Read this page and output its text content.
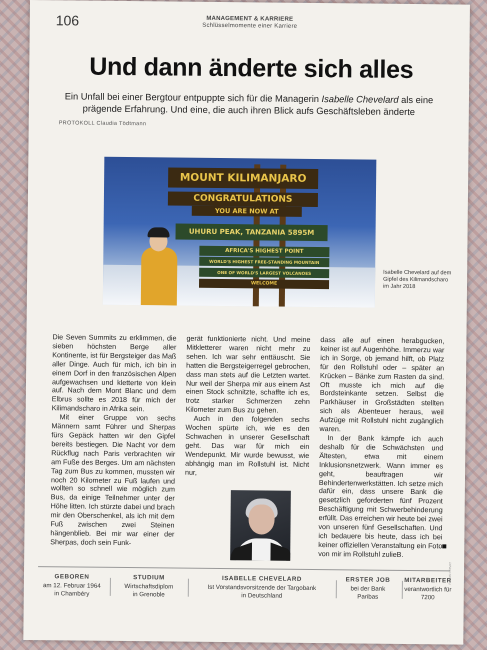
106	MANAGEMENT & KARRIERE
Schlüsselmomente einer Karriere
Und dann änderte sich alles
Ein Unfall bei einer Bergtour entpuppte sich für die Managerin Isabelle Chevelard als eine prägende Erfahrung. Und eine, die auch ihren Blick aufs Geschäftsleben änderte
PROTOKOLL Claudia Tödtmann
MOUNT KILIMANJARO
CONGRATULATIONS
YOU ARE NOW AT
UHURU PEAK, TANZANIA 5895M
AFRICA'S HIGHEST POINT
WORLD'S HIGHEST FREE-STANDING MOUNTAIN
ONE OF WORLD'S LARGEST VOLCANOES
WELCOME
Isabelle Chevelard auf dem Gipfel des Kilimandscharo im Jahr 2018

Die Seven Summits zu erklimmen, die sieben höchsten Berge aller Kontinente, ist für Bergsteiger das Maß aller Dinge. Auch für mich, ich bin in einem Dorf in den französischen Alpen aufgewachsen und kletterte von klein auf. Nach dem Mont Blanc und dem Elbrus sollte es 2018 für mich der Kilimandscharo in Afrika sein.

Mit einer Gruppe von sechs Männern samt Führer und Sherpas fürs Gepäck hatten wir den Gipfel bereits bestiegen. Die Nacht vor dem Rückflug nach Paris verbrachten wir am Fuße des Berges. Um am nächsten Tag zum Bus zu kommen, mussten wir noch 20 Kilometer zu Fuß laufen und wollten so schnell wie möglich zum Bus, da einige Teilnehmer unter der Höhe litten. Ich stürzte dabei und brach mir den Oberschenkel, als ich mit dem Fuß zwischen zwei Steinen hängenblieb. Bei mir war einer der Sherpas, doch sein Funk-

gerät funktionierte nicht. Und meine Mitkletterer waren nicht mehr zu sehen. Ich war sehr enttäuscht. Sie hatten die Bergsteigerregel gebrochen, dass man stets auf die Letzten wartet. Nur weil der Sherpa mir aus einem Ast einen Stock schnitzte, schaffte ich es, trotz starker Schmerzen zehn Kilometer zum Bus zu gehen.

Auch in den folgenden sechs Wochen spürte ich, wie es den Schwachen in unserer Gesellschaft geht. Das war für mich ein Wendepunkt. Mir wurde bewusst, wie abhängig man im Rollstuhl ist. Nicht nur,

dass alle auf einen herabgucken, keiner ist auf Augenhöhe. Immerzu war ich in Sorge, ob jemand hilft, ob Platz für den Rollstuhl oder – später an Krücken – Bänke zum Rasten da sind. Oft musste ich mich auf die Bordsteinkante setzen. Selbst die Parkhäuser in Großstädten stellten sich als Abenteuer heraus, weil Aufzüge mit Rollstuhl nicht zugänglich waren.

In der Bank kämpfe ich auch deshalb für die Schwächsten und Ältesten, etwa mit einem Inklusionsnetzwerk. Wann immer es geht, beauftragen wir Behindertenwerkstätten. Ich setze mich dafür ein, dass unsere Bank die gesetzlich geforderten fünf Prozent Beschäftigung mit Schwerbehinderung erfüllt. Das erreichen wir heute bei zwei von unseren fünf Gesellschaften. Und ich bedauere bis heute, dass ich bei keiner offiziellen Veranstaltung ein Foto von mir im Rollstuhl zulieB.

GEBOREN
am 12. Februar 1964
in Chambéry
STUDIUM
Wirtschaftsdiplom
in Grenoble
ISABELLE CHEVELARD
Ist Vorstandsvorsitzende der Targobank
in Deutschland
ERSTER JOB
bei der Bank
Paribas
MITARBEITER
verantwortlich für
7200
FOTOS: PRIVAT
